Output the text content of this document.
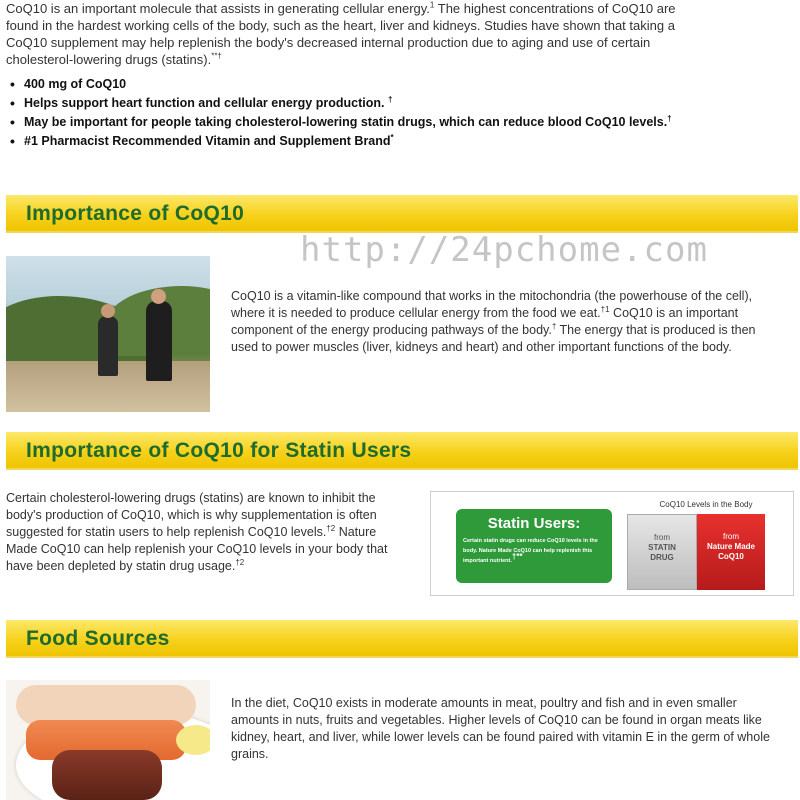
CoQ10 is an important molecule that assists in generating cellular energy.$^1$ The highest concentrations of CoQ10 are found in the hardest working cells of the body, such as the heart, liver and kidneys. Studies have shown that taking a CoQ10 supplement may help replenish the body's decreased internal production due to aging and use of certain cholesterol-lowering drugs (statins).**†
• 400 mg of CoQ10
• Helps support heart function and cellular energy production. †
• May be important for people taking cholesterol-lowering statin drugs, which can reduce blood CoQ10 levels.†
• #1 Pharmacist Recommended Vitamin and Supplement Brand*
Importance of CoQ10
http://24pchome.com
CoQ10 is a vitamin-like compound that works in the mitochondria (the powerhouse of the cell), where it is needed to produce cellular energy from the food we eat.$^{\dagger 1}$ CoQ10 is an important component of the energy producing pathways of the body.† The energy that is produced is then used to power muscles (liver, kidneys and heart) and other important functions of the body.
Importance of CoQ10 for Statin Users
Certain cholesterol-lowering drugs (statins) are known to inhibit the body's production of CoQ10, which is why supplementation is often suggested for statin users to help replenish CoQ10 levels.$^{\dagger 2}$ Nature Made CoQ10 can help replenish your CoQ10 levels in your body that have been depleted by statin drug usage.$^{\dagger 2}$
Statin Users:
Certain statin drugs can reduce CoQ10 levels in the body. Nature Made CoQ10 can help replenish this important nutrient.†**
CoQ10 Levels in the Body
from
STATIN
DRUG
from
Nature Made
CoQ10
Food Sources
In the diet, CoQ10 exists in moderate amounts in meat, poultry and fish and in even smaller amounts in nuts, fruits and vegetables. Higher levels of CoQ10 can be found in organ meats like kidney, heart, and liver, while lower levels can be found paired with vitamin E in the germ of whole grains.
